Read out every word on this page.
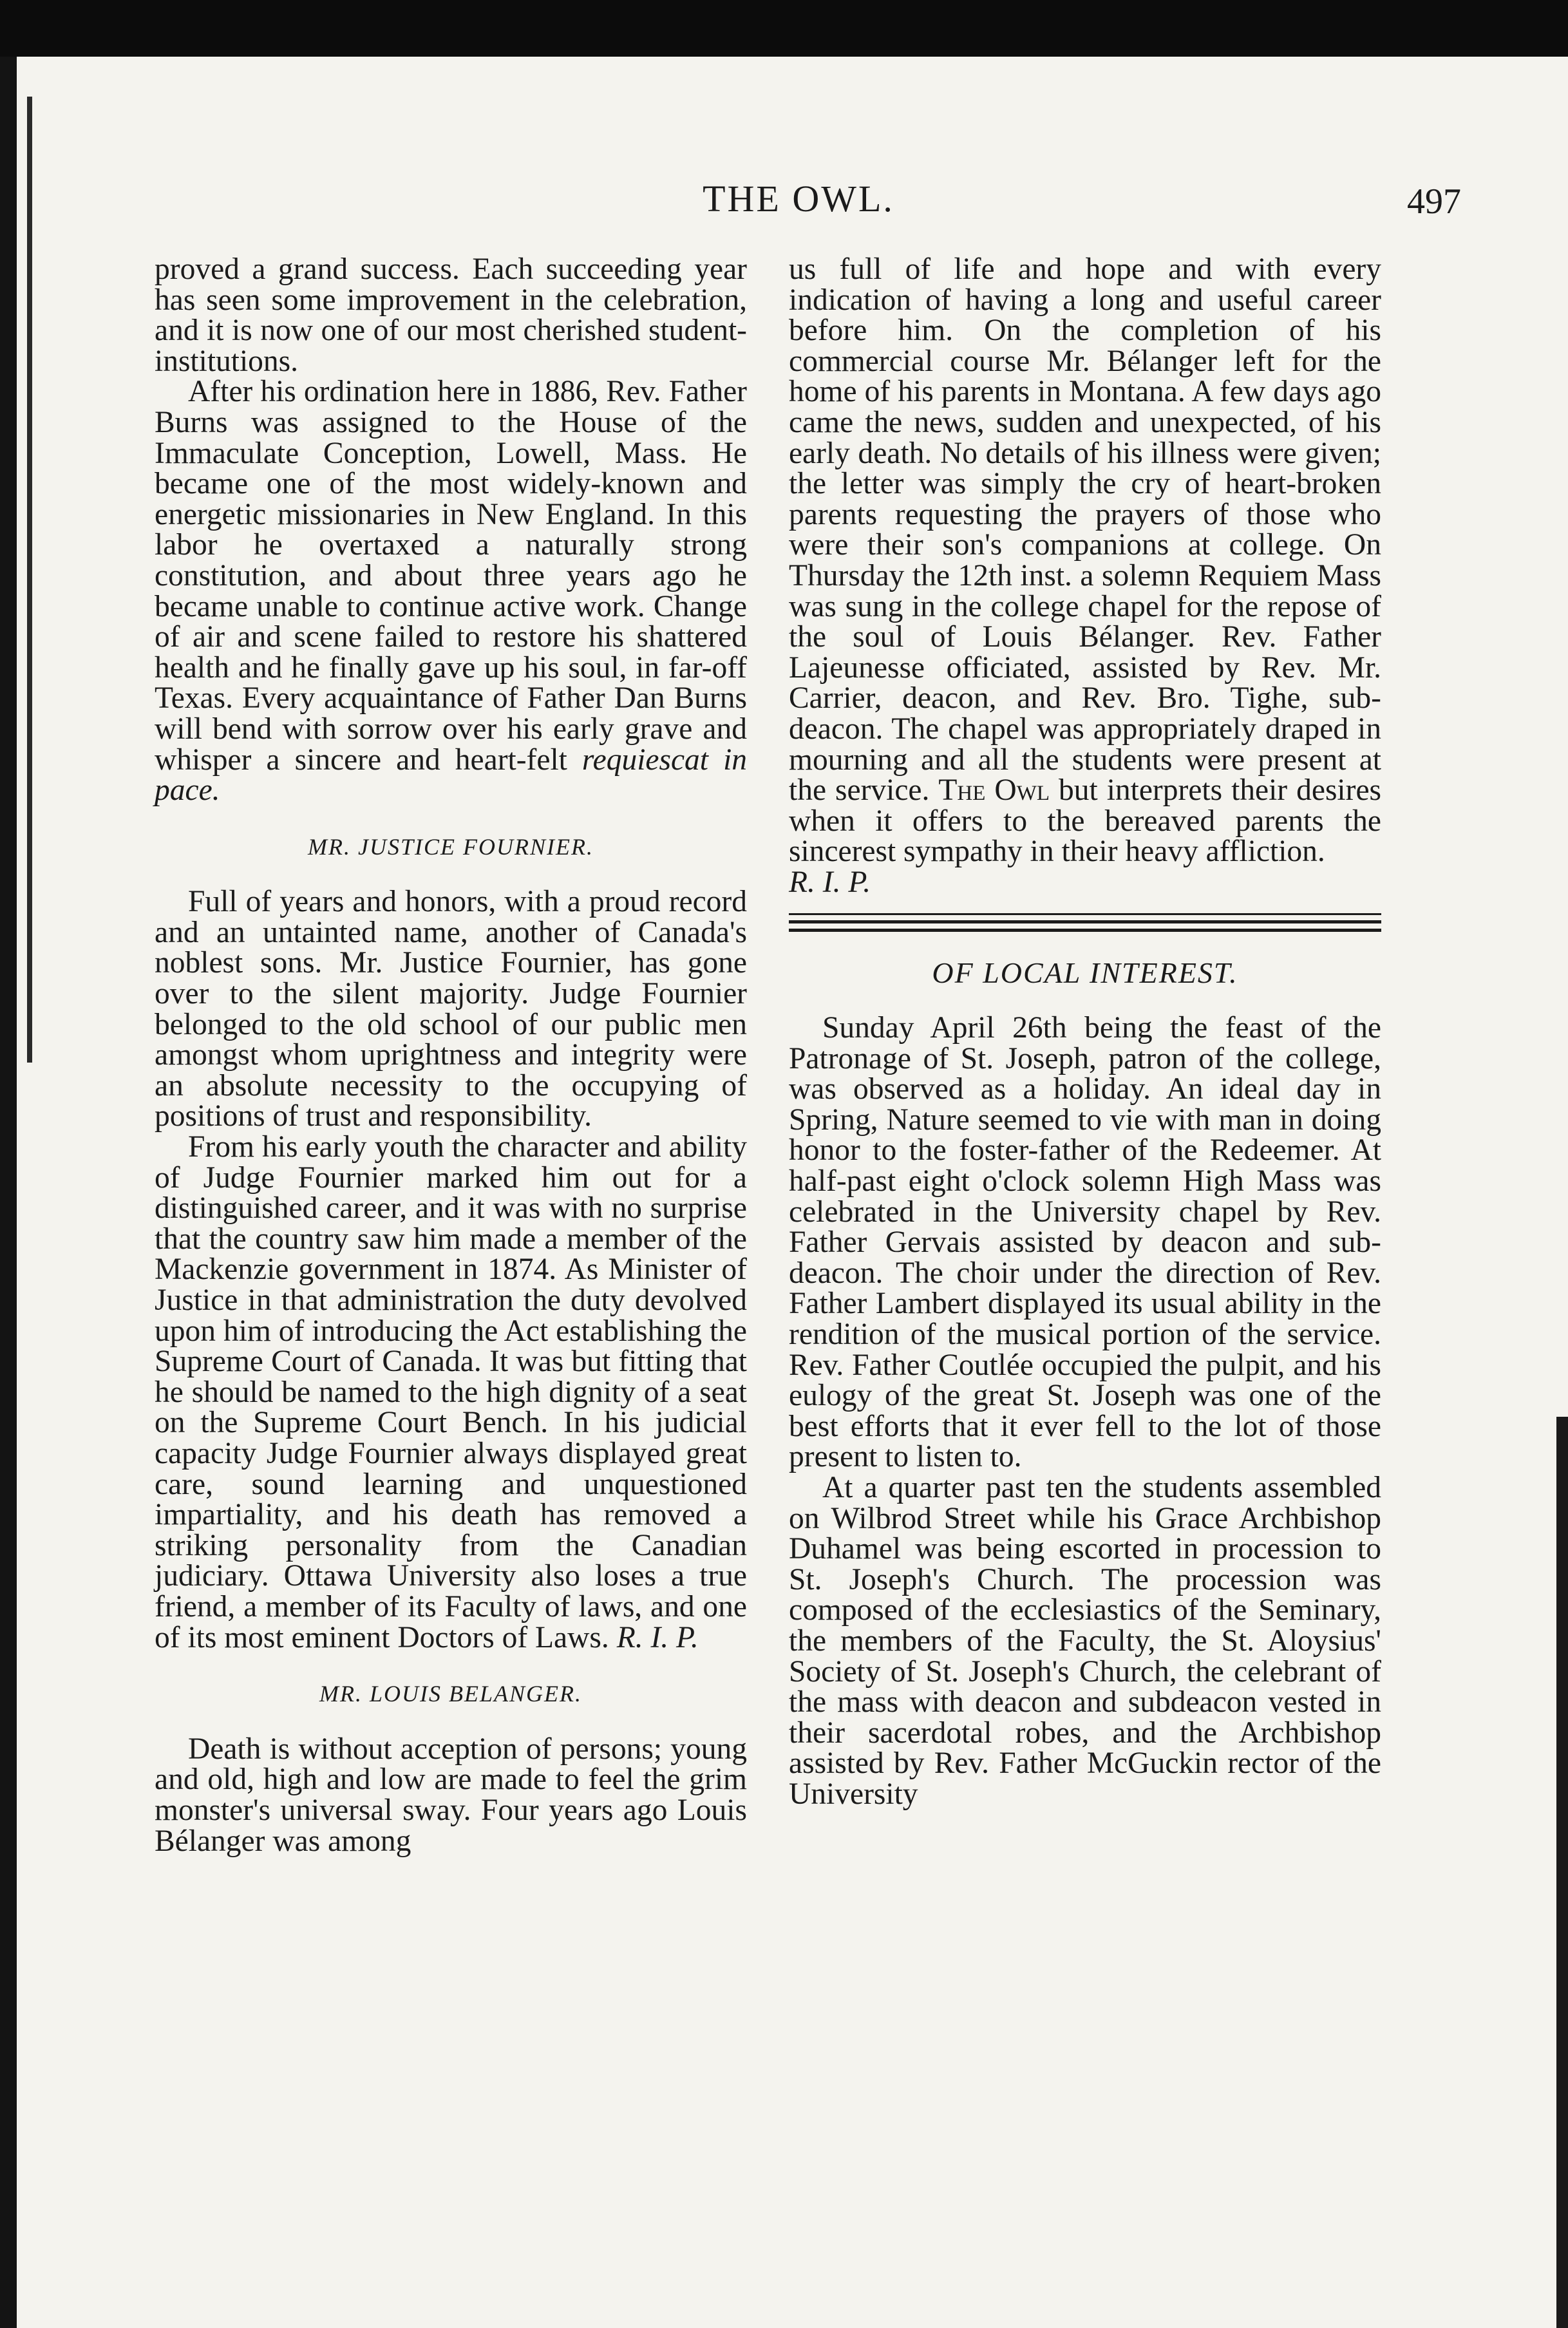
THE OWL.	497

proved a grand success. Each succeeding year has seen some improvement in the celebration, and it is now one of our most cherished student-institutions.

After his ordination here in 1886, Rev. Father Burns was assigned to the House of the Immaculate Conception, Lowell, Mass. He became one of the most widely-known and energetic missionaries in New England. In this labor he overtaxed a naturally strong constitution, and about three years ago he became unable to continue active work. Change of air and scene failed to restore his shattered health and he finally gave up his soul, in far-off Texas. Every acquaintance of Father Dan Burns will bend with sorrow over his early grave and whisper a sincere and heart-felt requiescat in pace.

MR. JUSTICE FOURNIER.

Full of years and honors, with a proud record and an untainted name, another of Canada's noblest sons. Mr. Justice Fournier, has gone over to the silent majority. Judge Fournier belonged to the old school of our public men amongst whom uprightness and integrity were an absolute necessity to the occupying of positions of trust and responsibility.

From his early youth the character and ability of Judge Fournier marked him out for a distinguished career, and it was with no surprise that the country saw him made a member of the Mackenzie government in 1874. As Minister of Justice in that administration the duty devolved upon him of introducing the Act establishing the Supreme Court of Canada. It was but fitting that he should be named to the high dignity of a seat on the Supreme Court Bench. In his judicial capacity Judge Fournier always displayed great care, sound learning and unquestioned impartiality, and his death has removed a striking personality from the Canadian judiciary. Ottawa University also loses a true friend, a member of its Faculty of laws, and one of its most eminent Doctors of Laws. R. I. P.

MR. LOUIS BELANGER.

Death is without acception of persons; young and old, high and low are made to feel the grim monster's universal sway. Four years ago Louis Bélanger was among

us full of life and hope and with every indication of having a long and useful career before him. On the completion of his commercial course Mr. Bélanger left for the home of his parents in Montana. A few days ago came the news, sudden and unexpected, of his early death. No details of his illness were given; the letter was simply the cry of heart-broken parents requesting the prayers of those who were their son's companions at college. On Thursday the 12th inst. a solemn Requiem Mass was sung in the college chapel for the repose of the soul of Louis Bélanger. Rev. Father Lajeunesse officiated, assisted by Rev. Mr. Carrier, deacon, and Rev. Bro. Tighe, sub-deacon. The chapel was appropriately draped in mourning and all the students were present at the service. The Owl but interprets their desires when it offers to the bereaved parents the sincerest sympathy in their heavy affliction.

R. I. P.

OF LOCAL INTEREST.

Sunday April 26th being the feast of the Patronage of St. Joseph, patron of the college, was observed as a holiday. An ideal day in Spring, Nature seemed to vie with man in doing honor to the foster-father of the Redeemer. At half-past eight o'clock solemn High Mass was celebrated in the University chapel by Rev. Father Gervais assisted by deacon and sub-deacon. The choir under the direction of Rev. Father Lambert displayed its usual ability in the rendition of the musical portion of the service. Rev. Father Coutlée occupied the pulpit, and his eulogy of the great St. Joseph was one of the best efforts that it ever fell to the lot of those present to listen to.

At a quarter past ten the students assembled on Wilbrod Street while his Grace Archbishop Duhamel was being escorted in procession to St. Joseph's Church. The procession was composed of the ecclesiastics of the Seminary, the members of the Faculty, the St. Aloysius' Society of St. Joseph's Church, the celebrant of the mass with deacon and subdeacon vested in their sacerdotal robes, and the Archbishop assisted by Rev. Father McGuckin rector of the University
